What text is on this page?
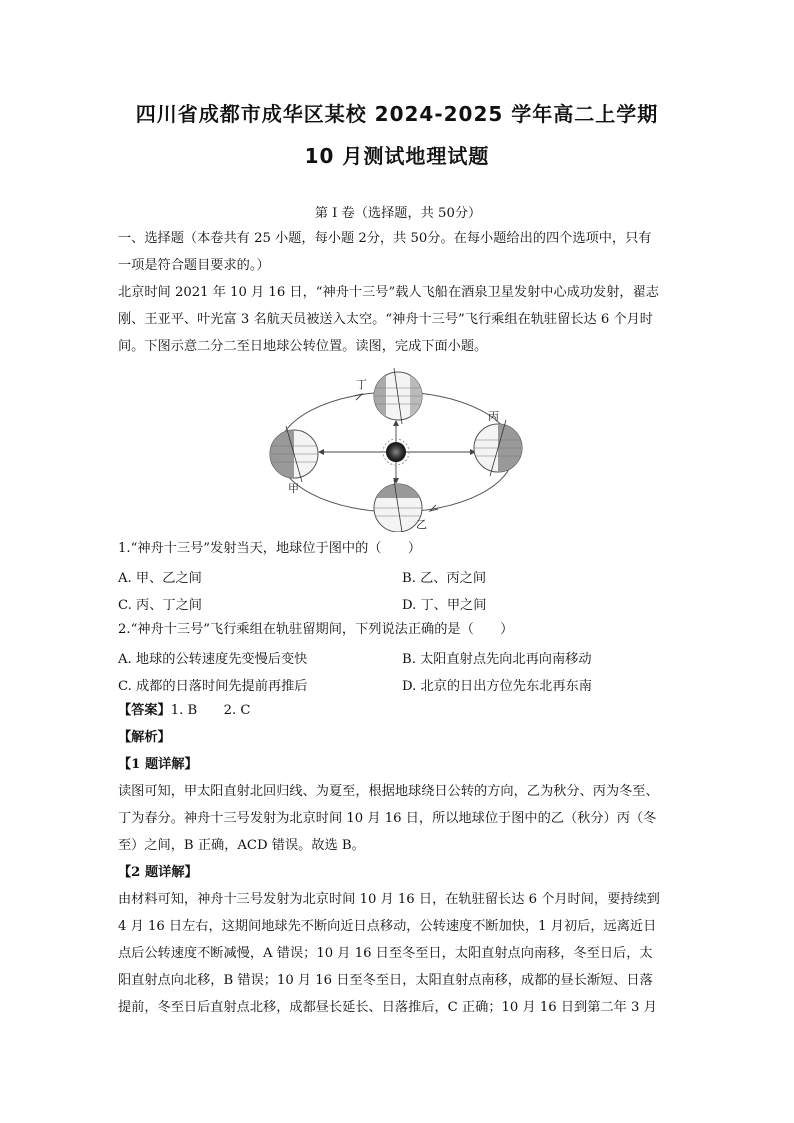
四川省成都市成华区某校 2024-2025 学年高二上学期
10 月测试地理试题
第 I 卷（选择题，共 50分）
一、选择题（本卷共有 25 小题，每小题 2分，共 50分。在每小题给出的四个选项中，只有
一项是符合题目要求的。）
北京时间 2021 年 10 月 16 日，“神舟十三号”载人飞船在酒泉卫星发射中心成功发射，翟志
刚、王亚平、叶光富 3 名航天员被送入太空。“神舟十三号”飞行乘组在轨驻留长达 6 个月时
间。下图示意二分二至日地球公转位置。读图，完成下面小题。
丁
丙
甲
乙
1.“神舟十三号”发射当天，地球位于图中的（　　）
A. 甲、乙之间	B. 乙、丙之间
C. 丙、丁之间	D. 丁、甲之间
2.“神舟十三号”飞行乘组在轨驻留期间，下列说法正确的是（　　）
A. 地球的公转速度先变慢后变快	B. 太阳直射点先向北再向南移动
C. 成都的日落时间先提前再推后	D. 北京的日出方位先东北再东南
【答案】1. B　　2. C
【解析】
【1 题详解】
读图可知，甲太阳直射北回归线、为夏至，根据地球绕日公转的方向，乙为秋分、丙为冬至、
丁为春分。神舟十三号发射为北京时间 10 月 16 日，所以地球位于图中的乙（秋分）丙（冬
至）之间，B 正确，ACD 错误。故选 B。
【2 题详解】
由材料可知，神舟十三号发射为北京时间 10 月 16 日，在轨驻留长达 6 个月时间，要持续到
4 月 16 日左右，这期间地球先不断向近日点移动，公转速度不断加快，1 月初后，远离近日
点后公转速度不断减慢，A 错误；10 月 16 日至冬至日，太阳直射点向南移，冬至日后，太
阳直射点向北移，B 错误；10 月 16 日至冬至日，太阳直射点南移，成都的昼长渐短、日落
提前，冬至日后直射点北移，成都昼长延长、日落推后，C 正确；10 月 16 日到第二年 3 月
